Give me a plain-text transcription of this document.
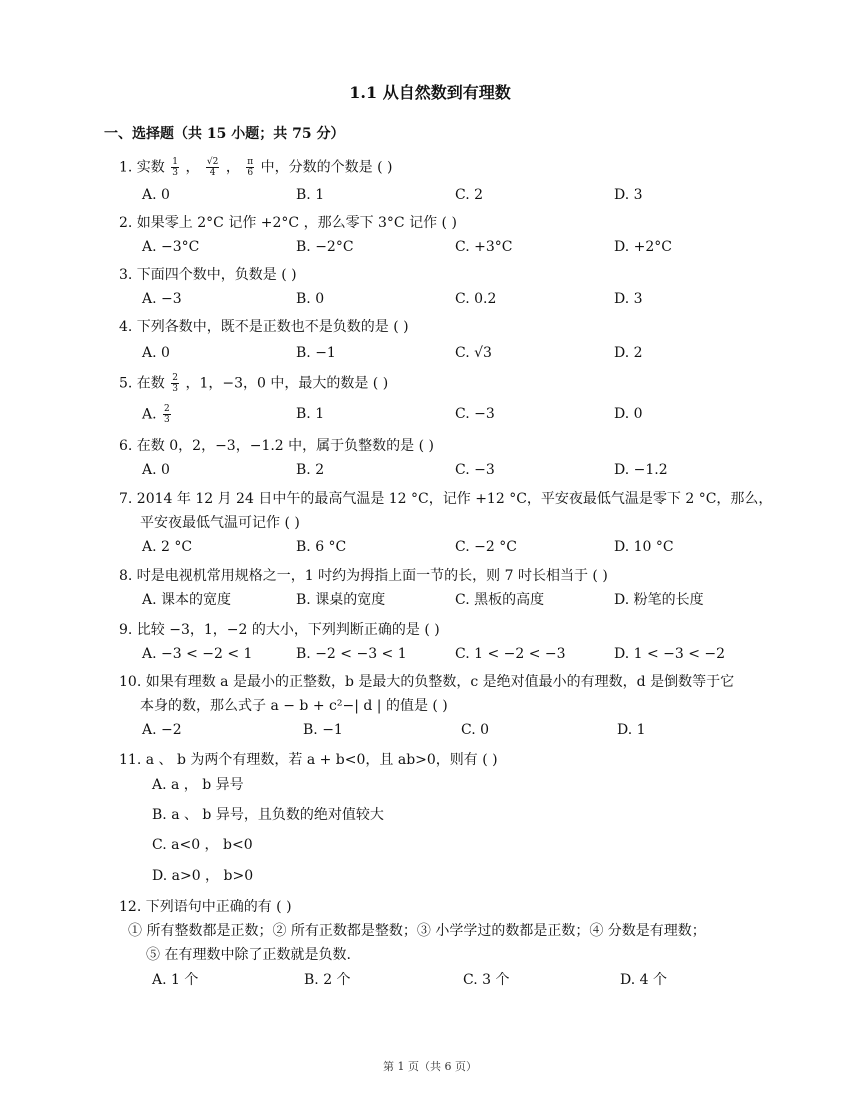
1.1 从自然数到有理数
一、选择题（共 15 小题；共 75 分）
1. 实数 $\frac{1}{3}$ ， $\frac{√2}{4}$ ， $\frac{\pi}{6}$ 中，分数的个数是 ( )
A. 0	B. 1	C. 2	D. 3
2. 如果零上 2°C 记作 +2°C ，那么零下 3°C 记作 ( )
A. −3°C	B. −2°C	C. +3°C	D. +2°C
3. 下面四个数中，负数是 ( )
A. −3	B. 0	C. 0.2	D. 3
4. 下列各数中，既不是正数也不是负数的是 ( )
A. 0	B. −1	C. √3	D. 2
5. 在数 $\frac{2}{3}$ ，1，−3，0 中，最大的数是 ( )
A. $\frac{2}{3}$	B. 1	C. −3	D. 0
6. 在数 0，2，−3，−1.2 中，属于负整数的是 ( )
A. 0	B. 2	C. −3	D. −1.2
7. 2014 年 12 月 24 日中午的最高气温是 12 °C，记作 +12 °C，平安夜最低气温是零下 2 °C，那么，
平安夜最低气温可记作 ( )
A. 2 °C	B. 6 °C	C. −2 °C	D. 10 °C
8. 吋是电视机常用规格之一，1 吋约为拇指上面一节的长，则 7 吋长相当于 ( )
A. 课本的宽度	B. 课桌的宽度	C. 黑板的高度	D. 粉笔的长度
9. 比较 −3，1，−2 的大小，下列判断正确的是 ( )
A. −3 < −2 < 1	B. −2 < −3 < 1	C. 1 < −2 < −3	D. 1 < −3 < −2
10. 如果有理数 a 是最小的正整数，b 是最大的负整数，c 是绝对值最小的有理数，d 是倒数等于它
本身的数，那么式子 a − b + c²−| d | 的值是 ( )
A. −2	B. −1	C. 0	D. 1
11. a 、 b 为两个有理数，若 a + b<0，且 ab>0，则有 ( )
A. a ， b 异号
B. a 、 b 异号，且负数的绝对值较大
C. a<0 ， b<0
D. a>0 ， b>0
12. 下列语句中正确的有 ( )
① 所有整数都是正数；② 所有正数都是整数；③ 小学学过的数都是正数；④ 分数是有理数；
⑤ 在有理数中除了正数就是负数.
A. 1 个	B. 2 个	C. 3 个	D. 4 个
第 1 页（共 6 页）
